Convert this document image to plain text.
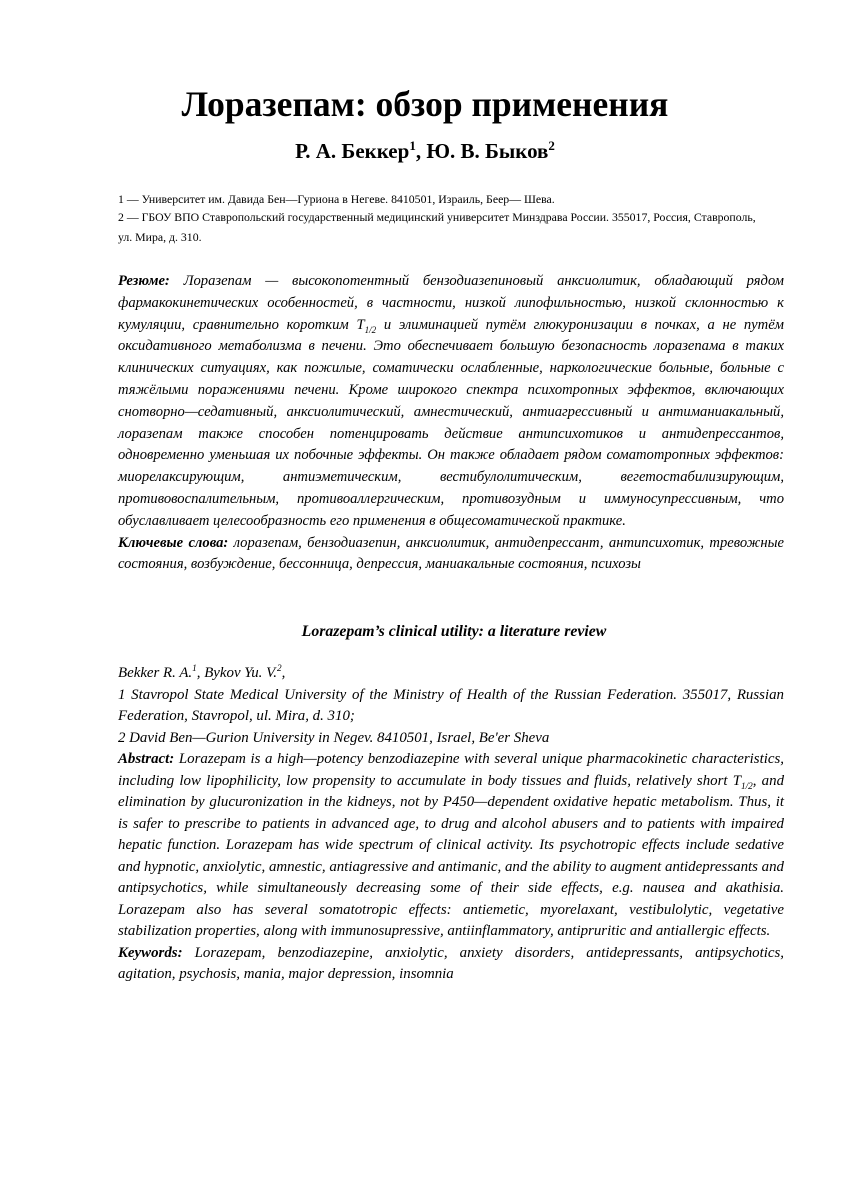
Лоразепам: обзор применения
Р. А. Беккер$^1$, Ю. В. Быков$^2$
1 — Университет им. Давида Бен—Гуриона в Негеве. 8410501, Израиль, Беер— Шева.
2 — ГБОУ ВПО Ставропольский государственный медицинский университет Минздрава России. 355017, Россия, Ставрополь, ул. Мира, д. 310.

Резюме: Лоразепам — высокопотентный бензодиазепиновый анксиолитик, обладающий рядом фармакокинетических особенностей, в частности, низкой липофильностью, низкой склонностью к кумуляции, сравнительно коротким $T_{1/2}$ и элиминацией путём глюкуронизации в почках, а не путём оксидативного метаболизма в печени. Это обеспечивает большую безопасность лоразепама в таких клинических ситуациях, как пожилые, соматически ослабленные, наркологические больные, больные с тяжёлыми поражениями печени. Кроме широкого спектра психотропных эффектов, включающих снотворно—седативный, анксиолитический, амнестический, антиагрессивный и антиманиакальный, лоразепам также способен потенцировать действие антипсихотиков и антидепрессантов, одновременно уменьшая их побочные эффекты. Он также обладает рядом соматотропных эффектов: миорелаксирующим, антиэметическим, вестибулолитическим, вегетостабилизирующим, противовоспалительным, противоаллергическим, противозудным и иммуносупрессивным, что обуславливает целесообразность его применения в общесоматической практике.

Ключевые слова: лоразепам, бензодиазепин, анксиолитик, антидепрессант, антипсихотик, тревожные состояния, возбуждение, бессонница, депрессия, маниакальные состояния, психозы

Lorazepam’s clinical utility: a literature review

Bekker R. A.$^1$, Bykov Yu. V.$^2$,

1 Stavropol State Medical University of the Ministry of Health of the Russian Federation. 355017, Russian Federation, Stavropol, ul. Mira, d. 310;

2 David Ben—Gurion University in Negev. 8410501, Israel, Be'er Sheva

Abstract: Lorazepam is a high—potency benzodiazepine with several unique pharmacokinetic characteristics, including low lipophilicity, low propensity to accumulate in body tissues and fluids, relatively short $T_{1/2}$, and elimination by glucuronization in the kidneys, not by P450—dependent oxidative hepatic metabolism. Thus, it is safer to prescribe to patients in advanced age, to drug and alcohol abusers and to patients with impaired hepatic function. Lorazepam has wide spectrum of clinical activity. Its psychotropic effects include sedative and hypnotic, anxiolytic, amnestic, antiagressive and antimanic, and the ability to augment antidepressants and antipsychotics, while simultaneously decreasing some of their side effects, e.g. nausea and akathisia. Lorazepam also has several somatotropic effects: antiemetic, myorelaxant, vestibulolytic, vegetative stabilization properties, along with immunosupressive, antiinflammatory, antipruritic and antiallergic effects.

Keywords: Lorazepam, benzodiazepine, anxiolytic, anxiety disorders, antidepressants, antipsychotics, agitation, psychosis, mania, major depression, insomnia
